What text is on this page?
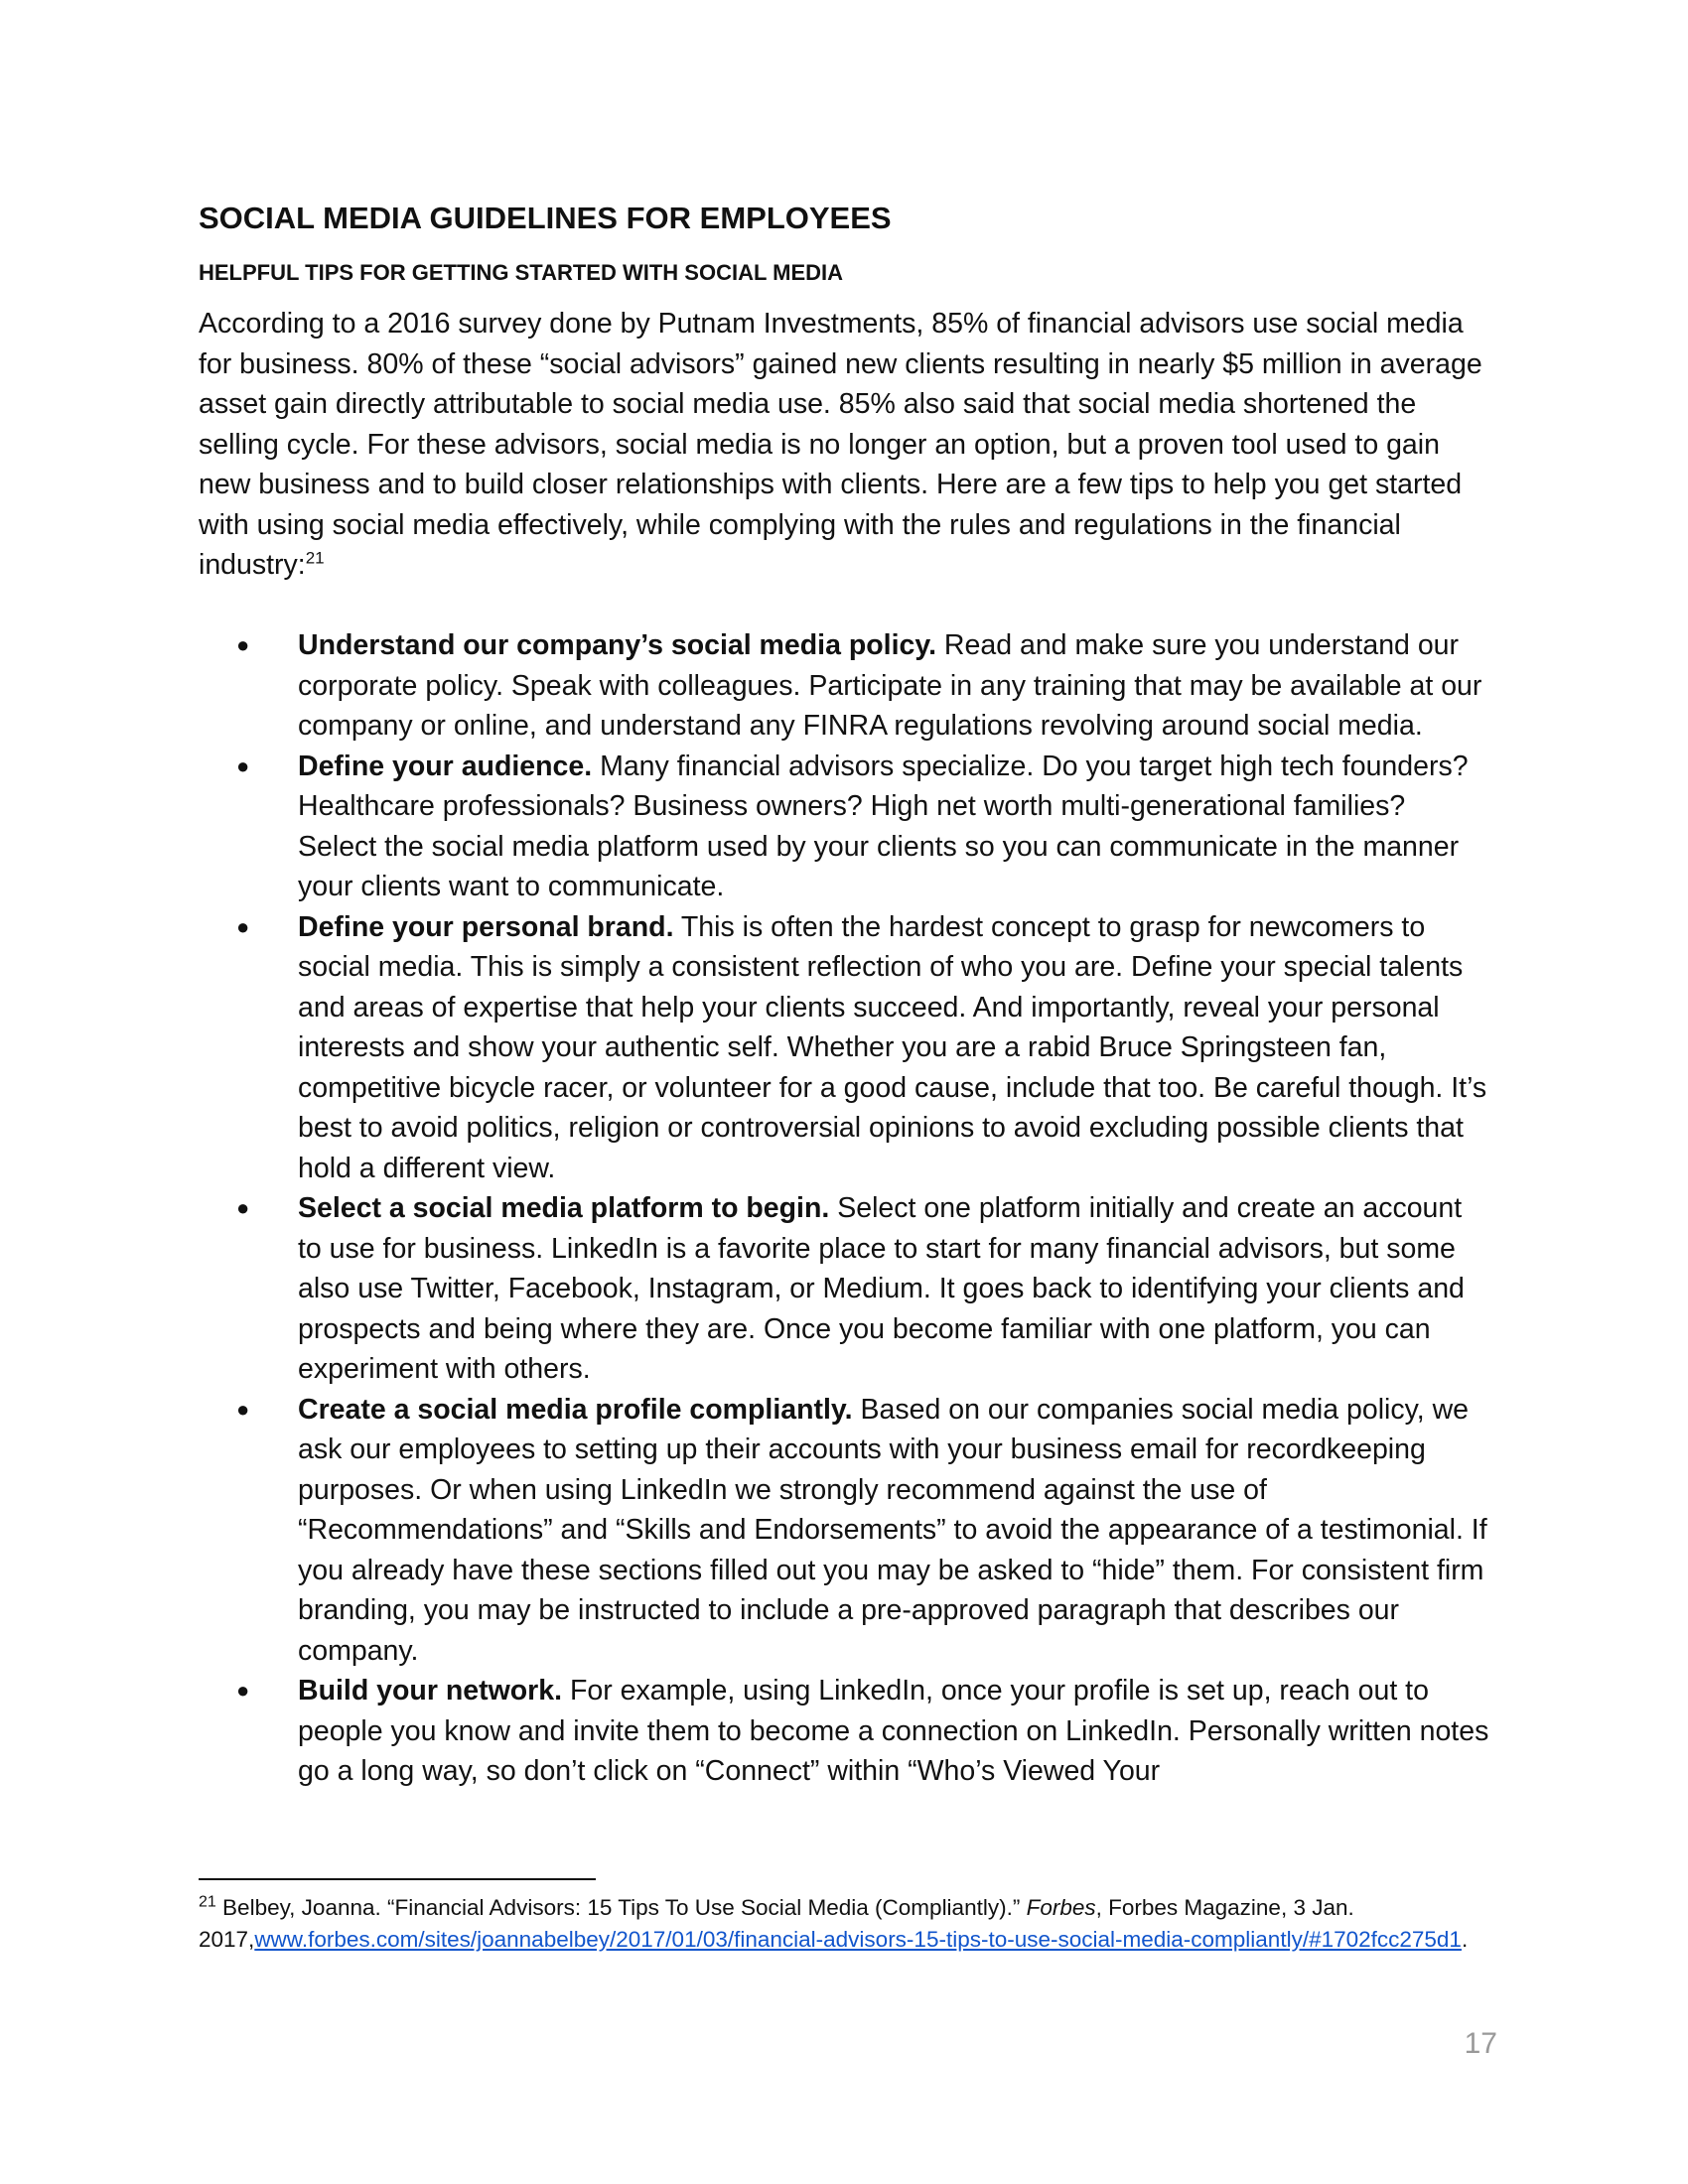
SOCIAL MEDIA GUIDELINES FOR EMPLOYEES
HELPFUL TIPS FOR GETTING STARTED WITH SOCIAL MEDIA

According to a 2016 survey done by Putnam Investments, 85% of financial advisors use social media for business. 80% of these “social advisors” gained new clients resulting in nearly $5 million in average asset gain directly attributable to social media use. 85% also said that social media shortened the selling cycle. For these advisors, social media is no longer an option, but a proven tool used to gain new business and to build closer relationships with clients. Here are a few tips to help you get started with using social media effectively, while complying with the rules and regulations in the financial industry:$^{21}$

● Understand our company’s social media policy. Read and make sure you understand our corporate policy. Speak with colleagues. Participate in any training that may be available at our company or online, and understand any FINRA regulations revolving around social media.
● Define your audience. Many financial advisors specialize. Do you target high tech founders? Healthcare professionals? Business owners? High net worth multi-generational families? Select the social media platform used by your clients so you can communicate in the manner your clients want to communicate.
● Define your personal brand. This is often the hardest concept to grasp for newcomers to social media. This is simply a consistent reflection of who you are. Define your special talents and areas of expertise that help your clients succeed. And importantly, reveal your personal interests and show your authentic self. Whether you are a rabid Bruce Springsteen fan, competitive bicycle racer, or volunteer for a good cause, include that too. Be careful though. It’s best to avoid politics, religion or controversial opinions to avoid excluding possible clients that hold a different view.
● Select a social media platform to begin. Select one platform initially and create an account to use for business. LinkedIn is a favorite place to start for many financial advisors, but some also use Twitter, Facebook, Instagram, or Medium. It goes back to identifying your clients and prospects and being where they are. Once you become familiar with one platform, you can experiment with others.
● Create a social media profile compliantly. Based on our companies social media policy, we ask our employees to setting up their accounts with your business email for recordkeeping purposes. Or when using LinkedIn we strongly recommend against the use of “Recommendations” and “Skills and Endorsements” to avoid the appearance of a testimonial. If you already have these sections filled out you may be asked to “hide” them. For consistent firm branding, you may be instructed to include a pre-approved paragraph that describes our company.
● Build your network. For example, using LinkedIn, once your profile is set up, reach out to people you know and invite them to become a connection on LinkedIn. Personally written notes go a long way, so don’t click on “Connect” within “Who’s Viewed Your

$^{21}$ Belbey, Joanna. “Financial Advisors: 15 Tips To Use Social Media (Compliantly).” Forbes, Forbes Magazine, 3 Jan. 2017,www.forbes.com/sites/joannabelbey/2017/01/03/financial-advisors-15-tips-to-use-social-media-compliantly/#1702fcc275d1.

17
